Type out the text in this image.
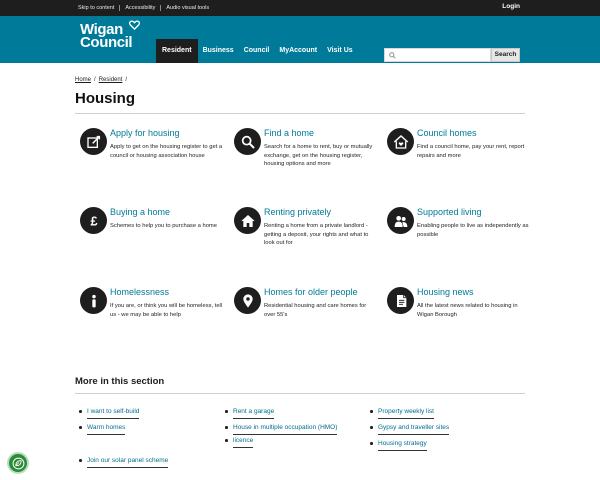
Skip to content Accessibility Audio visual tools	Login
Wigan
Council	Resident	Business	Council	MyAccount	Visit Us
Search
Home / Resident /
Housing
Apply for housing
Apply to get on the housing register to get a council or housing association house
Find a home
Search for a home to rent, buy or mutually exchange, get on the housing register, housing options and more
Council homes
Find a council home, pay your rent, report repairs and more
£
Buying a home
Schemes to help you to purchase a home
Renting privately
Renting a home from a private landlord - getting a deposit, your rights and what to look out for
Supported living
Enabling people to live as independently as possible
Homelessness
If you are, or think you will be homeless, tell us - we may be able to help
Homes for older people
Residential housing and care homes for over 55's
Housing news
All the latest news related to housing in Wigan Borough
More in this section
I want to self-build	Rent a garage	Property weekly list
Warm homes	House in multiple occupation (HMO)
licence
Gypsy and traveller sites
Housing strategy
Join our solar panel scheme
